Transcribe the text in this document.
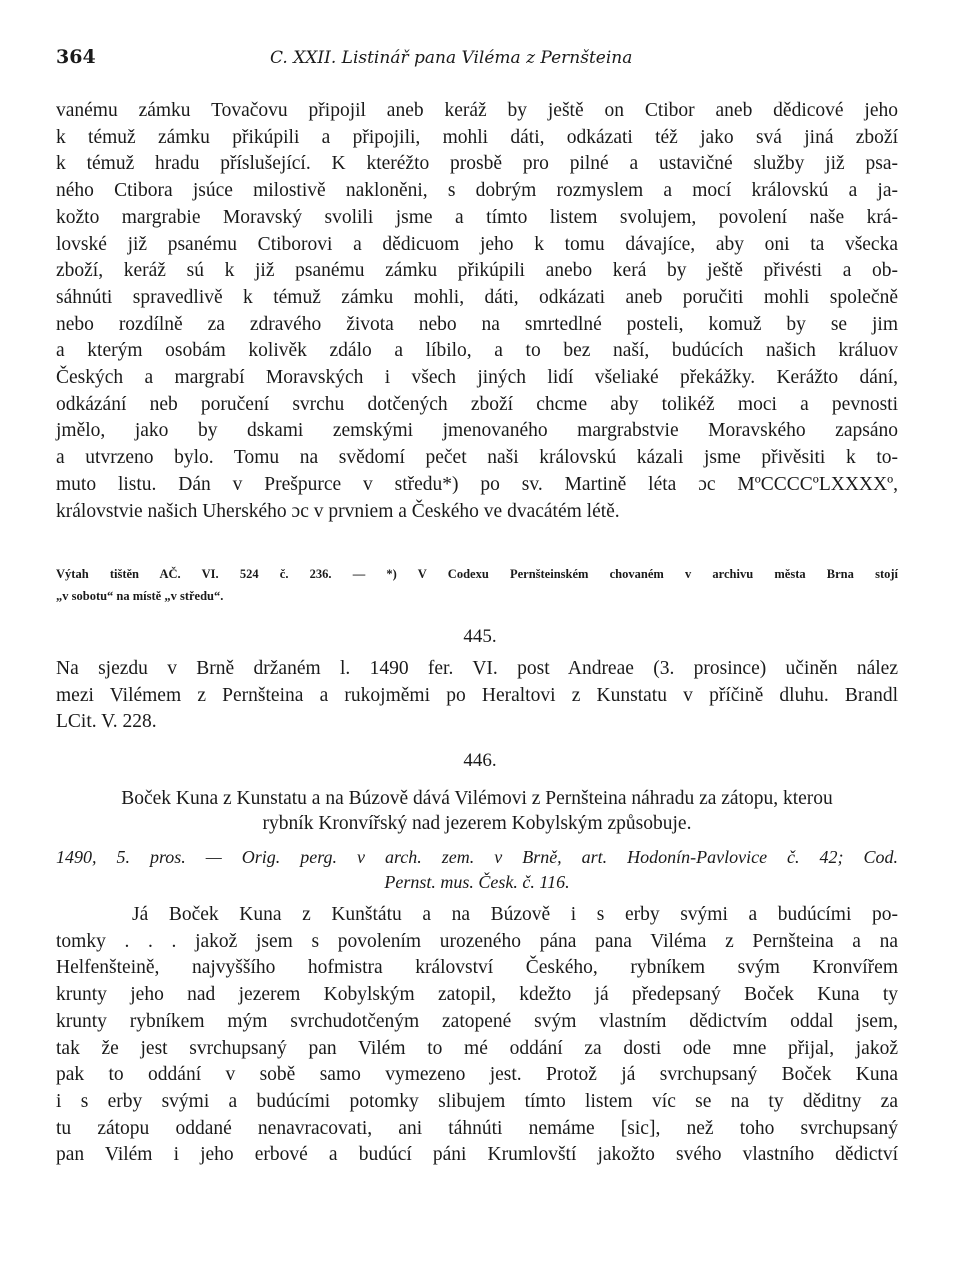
364	C. XXII. Listinář pana Viléma z Pernšteina
vanému zámku Tovačovu připojil aneb keráž by ještě on Ctibor aneb dědicové jeho
k témuž zámku přikúpili a připojili, mohli dáti, odkázati též jako svá jiná zboží
k témuž hradu příslušející. K kteréžto prosbě pro pilné a ustavičné služby již psa-
ného Ctibora jsúce milostivě nakloněni, s dobrým rozmyslem a mocí královskú a ja-
kožto margrabie Moravský svolili jsme a tímto listem svolujem, povolení naše krá-
lovské již psanému Ctiborovi a dědicuom jeho k tomu dávajíce, aby oni ta všecka
zboží, keráž sú k již psanému zámku přikúpili anebo kerá by ještě přivésti a ob-
sáhnúti spravedlivě k témuž zámku mohli, dáti, odkázati aneb poručiti mohli společně
nebo rozdílně za zdravého života nebo na smrtedlné posteli, komuž by se jim
a kterým osobám kolivěk zdálo a líbilo, a to bez naší, budúcích našich králuov
Českých a margrabí Moravských i všech jiných lidí všeliaké překážky. Kerážto dání,
odkázání neb poručení svrchu dotčených zboží chcme aby tolikéž moci a pevnosti
jmělo, jako by dskami zemskými jmenovaného margrabstvie Moravského zapsáno
a utvrzeno bylo. Tomu na svědomí pečet naši královskú kázali jsme přivěsiti k to-
muto listu. Dán v Prešpurce v středu*) po sv. Martině léta ɔc MºCCCCºLXXXXº,
královstvie našich Uherského ɔc v prvniem a Českého ve dvacátém létě.
Výtah tištěn AČ. VI. 524 č. 236. — *) V Codexu Pernšteinském chovaném v archivu města Brna stojí
„v sobotu“ na místě „v středu“.
445.
Na sjezdu v Brně držaném l. 1490 fer. VI. post Andreae (3. prosince) učiněn nález
mezi Vilémem z Pernšteina a rukojměmi po Heraltovi z Kunstatu v příčině dluhu. Brandl
LCit. V. 228.
446.
Boček Kuna z Kunstatu a na Búzově dává Vilémovi z Pernšteina náhradu za zátopu, kterou
rybník Kronvířský nad jezerem Kobylským způsobuje.
1490, 5. pros. — Orig. perg. v arch. zem. v Brně, art. Hodonín-Pavlovice č. 42; Cod.
Pernst. mus. Česk. č. 116.
Já Boček Kuna z Kunštátu a na Búzově i s erby svými a budúcími po-
tomky . . . jakož jsem s povolením urozeného pána pana Viléma z Pernšteina a na
Helfenšteině, najvyššího hofmistra království Českého, rybníkem svým Kronvířem
krunty jeho nad jezerem Kobylským zatopil, kdežto já předepsaný Boček Kuna ty
krunty rybníkem mým svrchudotčeným zatopené svým vlastním dědictvím oddal jsem,
tak že jest svrchupsaný pan Vilém to mé oddání za dosti ode mne přijal, jakož
pak to oddání v sobě samo vymezeno jest. Protož já svrchupsaný Boček Kuna
i s erby svými a budúcími potomky slibujem tímto listem víc se na ty děditny za
tu zátopu oddané nenavracovati, ani táhnúti nemáme [sic], než toho svrchupsaný
pan Vilém i jeho erbové a budúcí páni Krumlovští jakožto svého vlastního dědictví
